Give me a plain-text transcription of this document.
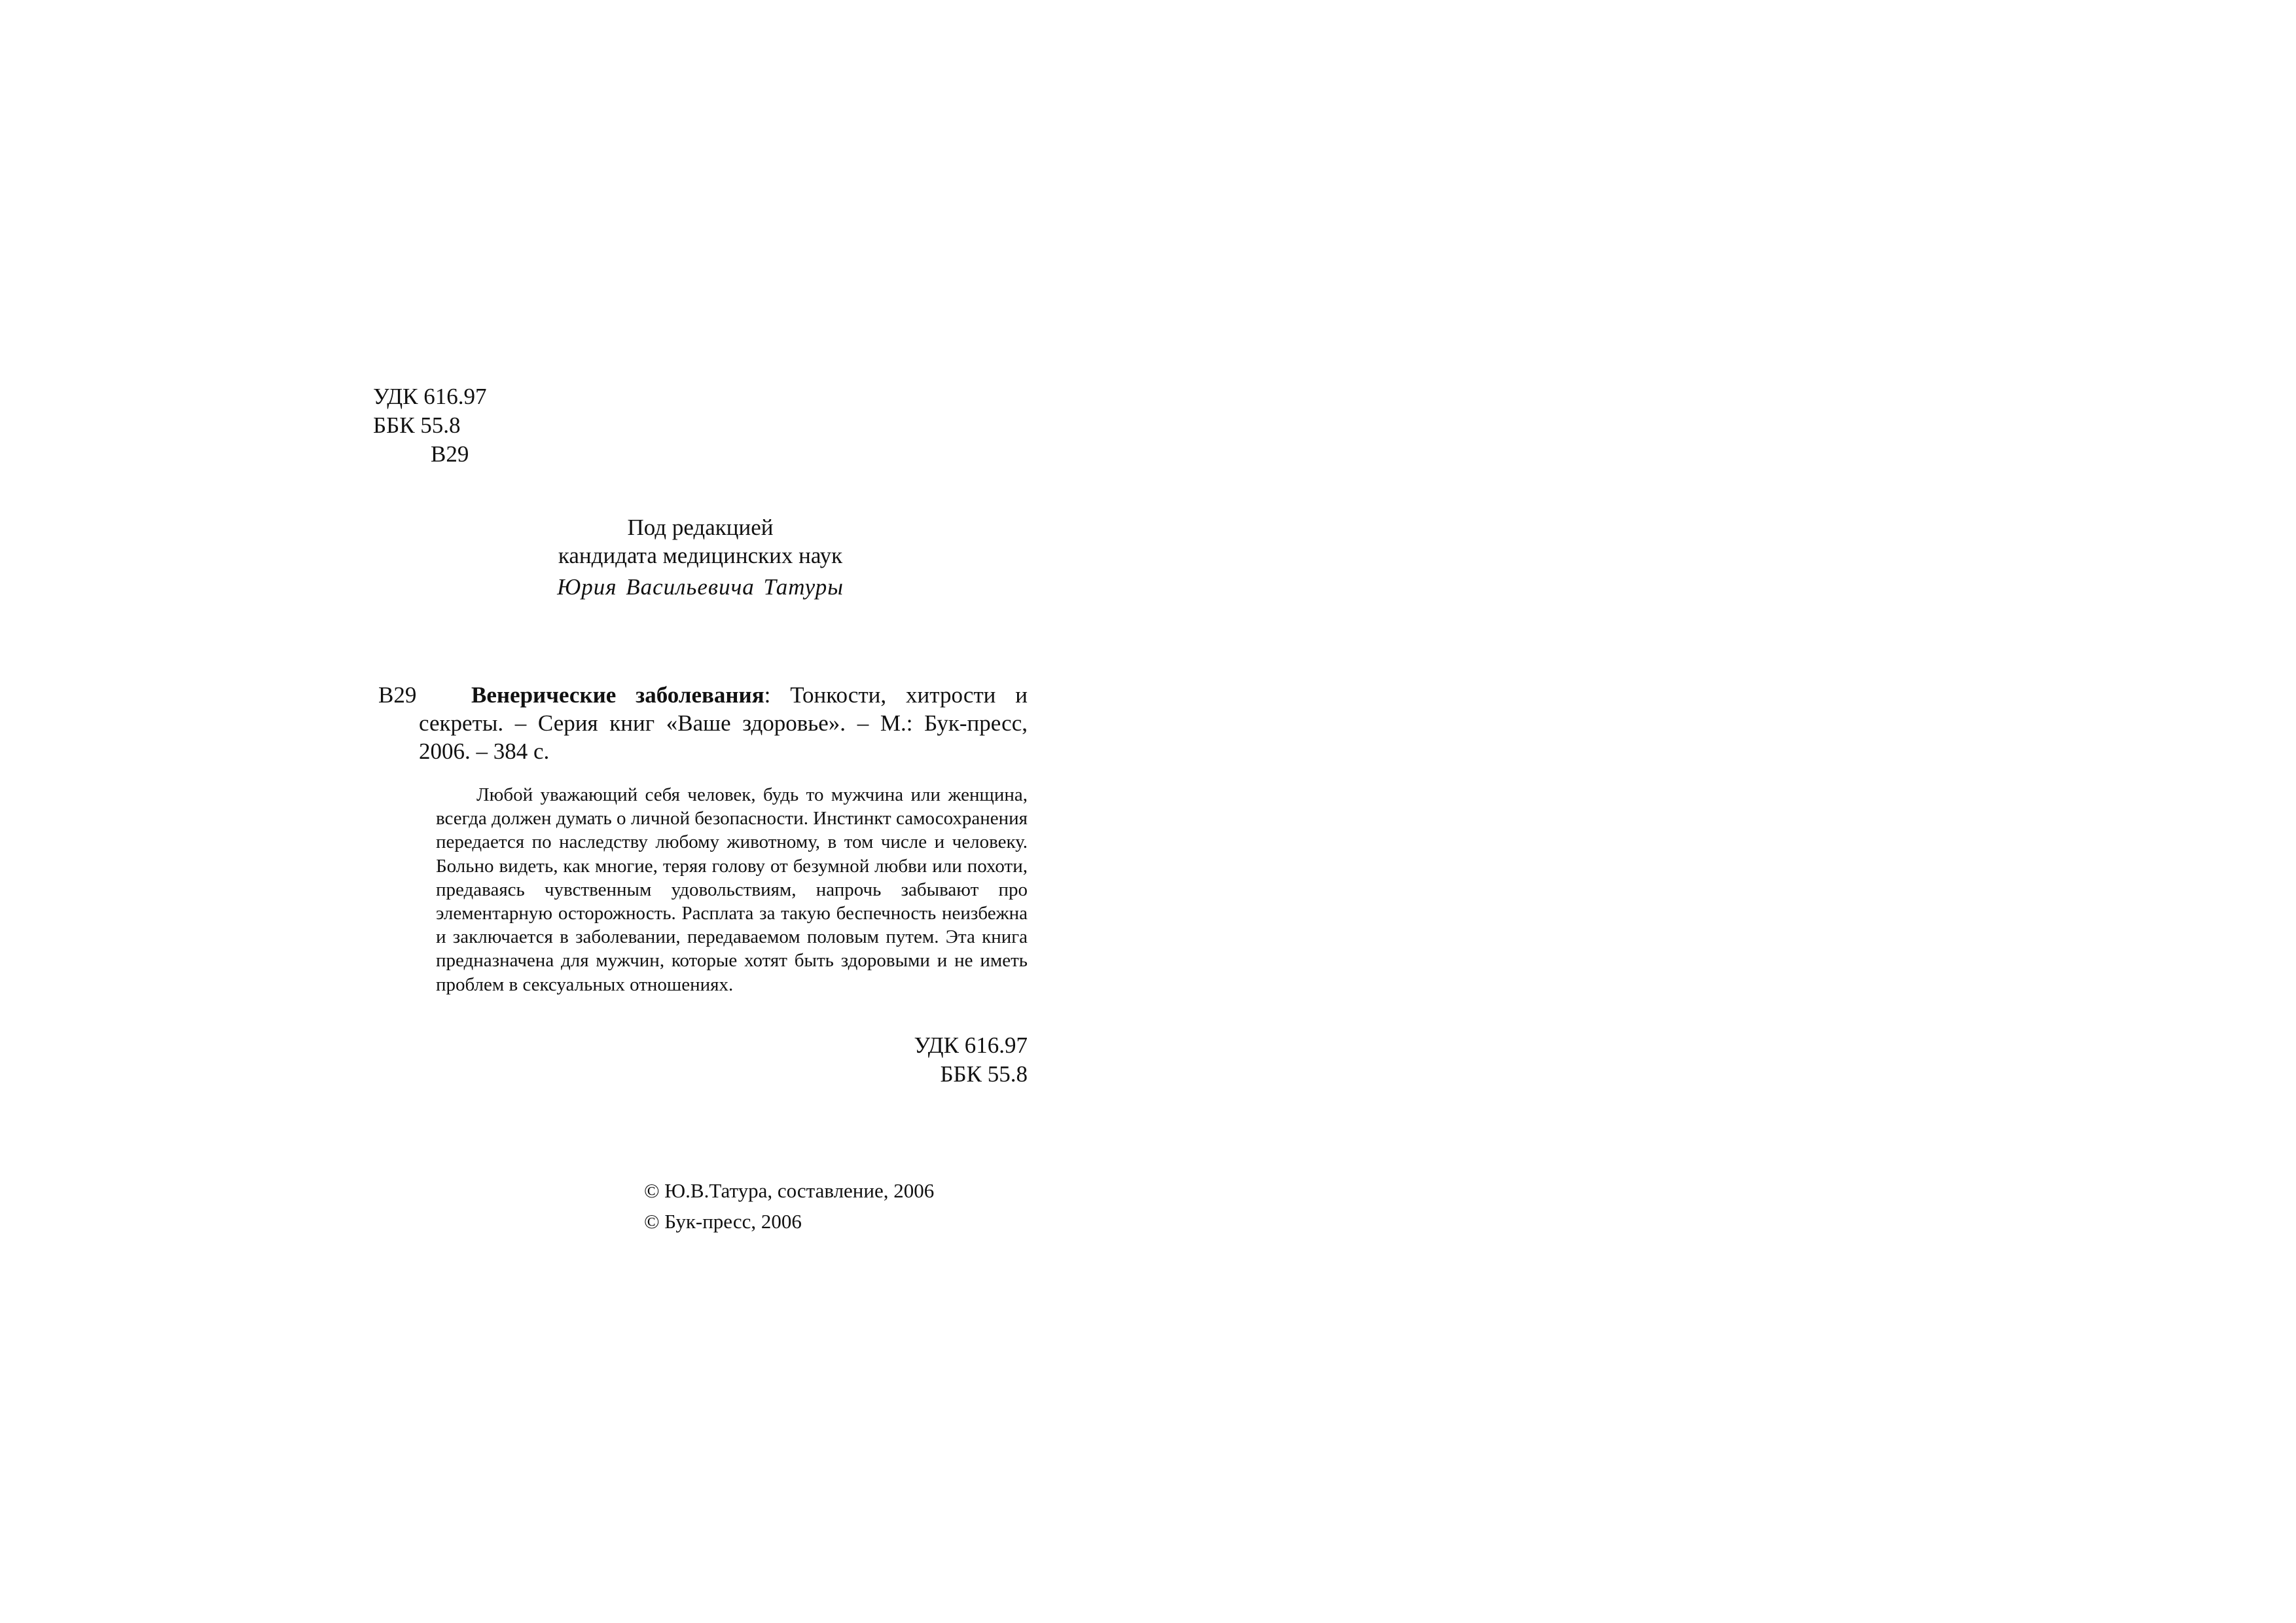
УДК 616.97
ББК 55.8
В29
Под редакцией
кандидата медицинских наук
Юрия Васильевича Татуры
В29	Венерические заболевания: Тонкости, хитрости и секреты. – Серия книг «Ваше здоровье». – М.: Бук-пресс, 2006. – 384 с.
Любой уважающий себя человек, будь то мужчина или женщина, всегда должен думать о личной безопасности. Инстинкт самосохранения передается по наследству любому животному, в том числе и человеку. Больно видеть, как многие, теряя голову от безумной любви или похоти, предаваясь чувственным удовольствиям, напрочь забывают про элементарную осторожность. Расплата за такую беспечность неизбежна и заключается в заболевании, передаваемом половым путем. Эта книга предназначена для мужчин, которые хотят быть здоровыми и не иметь проблем в сексуальных отношениях.
УДК 616.97
ББК 55.8
© Ю.В.Татура, составление, 2006
© Бук-пресс, 2006
